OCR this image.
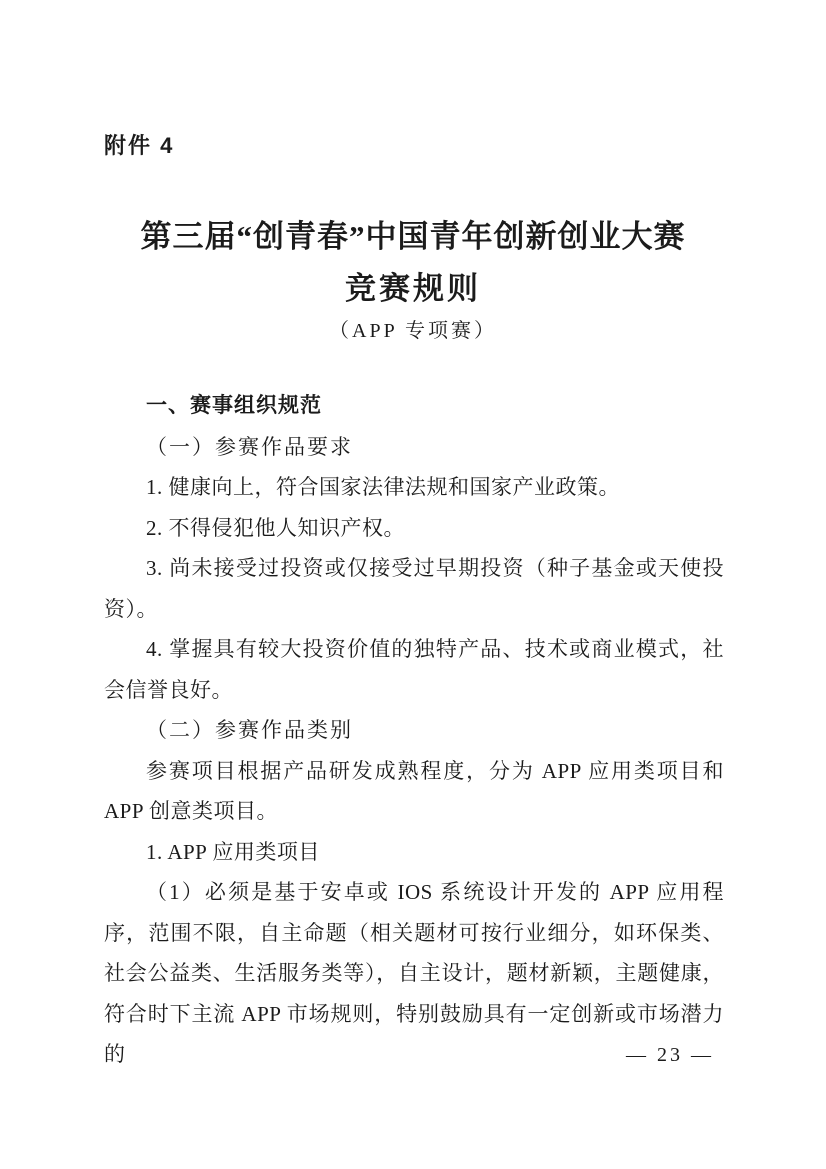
附件 4
第三届“创青春”中国青年创新创业大赛
竞赛规则
（APP 专项赛）

一、赛事组织规范

（一）参赛作品要求

1. 健康向上，符合国家法律法规和国家产业政策。

2. 不得侵犯他人知识产权。

3. 尚未接受过投资或仅接受过早期投资（种子基金或天使投资）。

4. 掌握具有较大投资价值的独特产品、技术或商业模式，社会信誉良好。

（二）参赛作品类别

参赛项目根据产品研发成熟程度，分为 APP 应用类项目和 APP 创意类项目。

1. APP 应用类项目

（1）必须是基于安卓或 IOS 系统设计开发的 APP 应用程序，范围不限，自主命题（相关题材可按行业细分，如环保类、社会公益类、生活服务类等），自主设计，题材新颖，主题健康，符合时下主流 APP 市场规则，特别鼓励具有一定创新或市场潜力的	— 23 —
